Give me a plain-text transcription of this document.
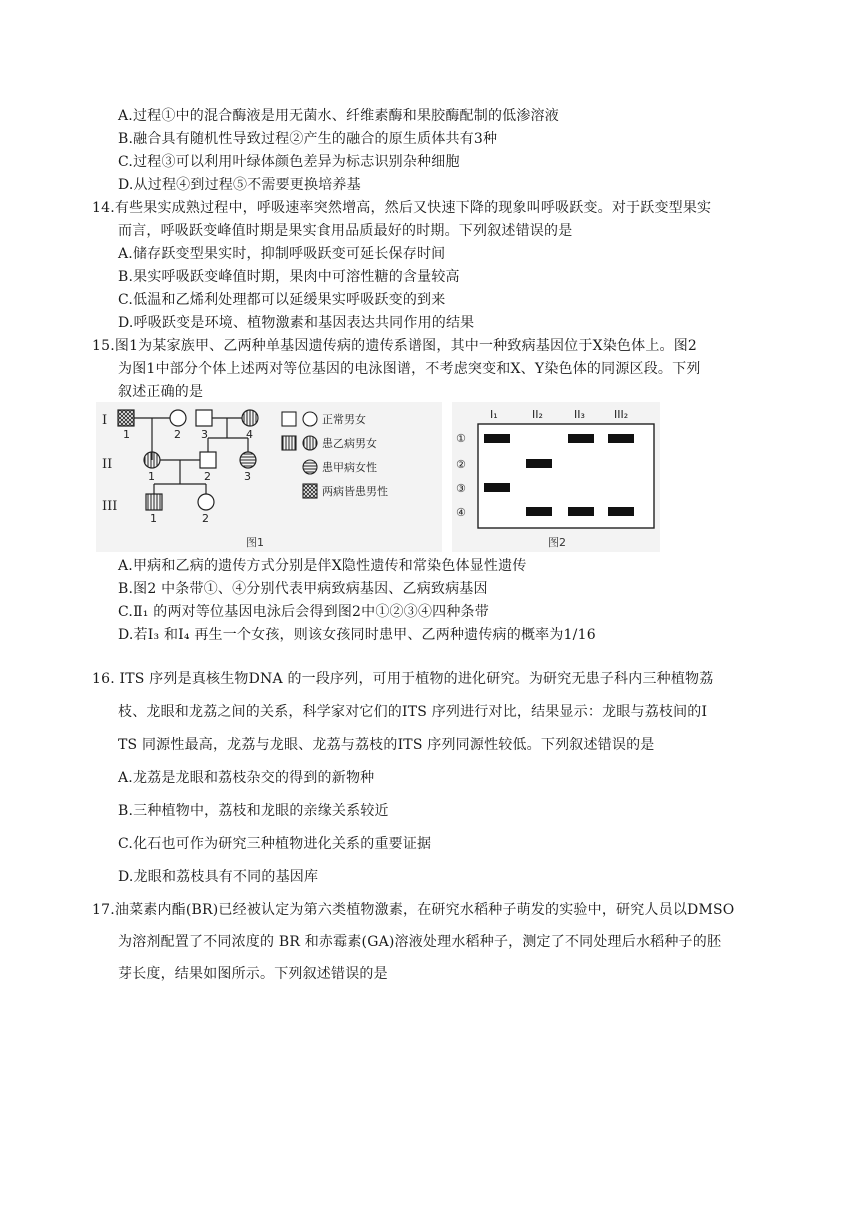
A.过程①中的混合酶液是用无菌水、纤维素酶和果胶酶配制的低渗溶液
B.融合具有随机性导致过程②产生的融合的原生质体共有3种
C.过程③可以利用叶绿体颜色差异为标志识别杂种细胞
D.从过程④到过程⑤不需要更换培养基
14.有些果实成熟过程中，呼吸速率突然增高，然后又快速下降的现象叫呼吸跃变。对于跃变型果实
而言，呼吸跃变峰值时期是果实食用品质最好的时期。下列叙述错误的是
A.储存跃变型果实时，抑制呼吸跃变可延长保存时间
B.果实呼吸跃变峰值时期，果肉中可溶性糖的含量较高
C.低温和乙烯利处理都可以延缓果实呼吸跃变的到来
D.呼吸跃变是环境、植物激素和基因表达共同作用的结果
15.图1为某家族甲、乙两种单基因遗传病的遗传系谱图，其中一种致病基因位于X染色体上。图2
为图1中部分个体上述两对等位基因的电泳图谱，不考虑突变和X、Y染色体的同源区段。下列
叙述正确的是
I
II
III
1	2 3	4
1	2	3
1	2
正常男女
患乙病男女
患甲病女性
两病皆患男性
图1
I₁	II₂	II₃	III₂
①
②
③
④
图2
A.甲病和乙病的遗传方式分别是伴X隐性遗传和常染色体显性遗传
B.图2 中条带①、④分别代表甲病致病基因、乙病致病基因
C.Ⅱ₁ 的两对等位基因电泳后会得到图2中①②③④四种条带
D.若Ⅰ₃ 和Ⅰ₄ 再生一个女孩，则该女孩同时患甲、乙两种遗传病的概率为1/16
16. ITS 序列是真核生物DNA 的一段序列，可用于植物的进化研究。为研究无患子科内三种植物荔
枝、龙眼和龙荔之间的关系，科学家对它们的ITS 序列进行对比，结果显示：龙眼与荔枝间的I
TS 同源性最高，龙荔与龙眼、龙荔与荔枝的ITS 序列同源性较低。下列叙述错误的是
A.龙荔是龙眼和荔枝杂交的得到的新物种
B.三种植物中，荔枝和龙眼的亲缘关系较近
C.化石也可作为研究三种植物进化关系的重要证据
D.龙眼和荔枝具有不同的基因库
17.油菜素内酯(BR)已经被认定为第六类植物激素，在研究水稻种子萌发的实验中，研究人员以DMSO
为溶剂配置了不同浓度的 BR 和赤霉素(GA)溶液处理水稻种子，测定了不同处理后水稻种子的胚
芽长度，结果如图所示。下列叙述错误的是
